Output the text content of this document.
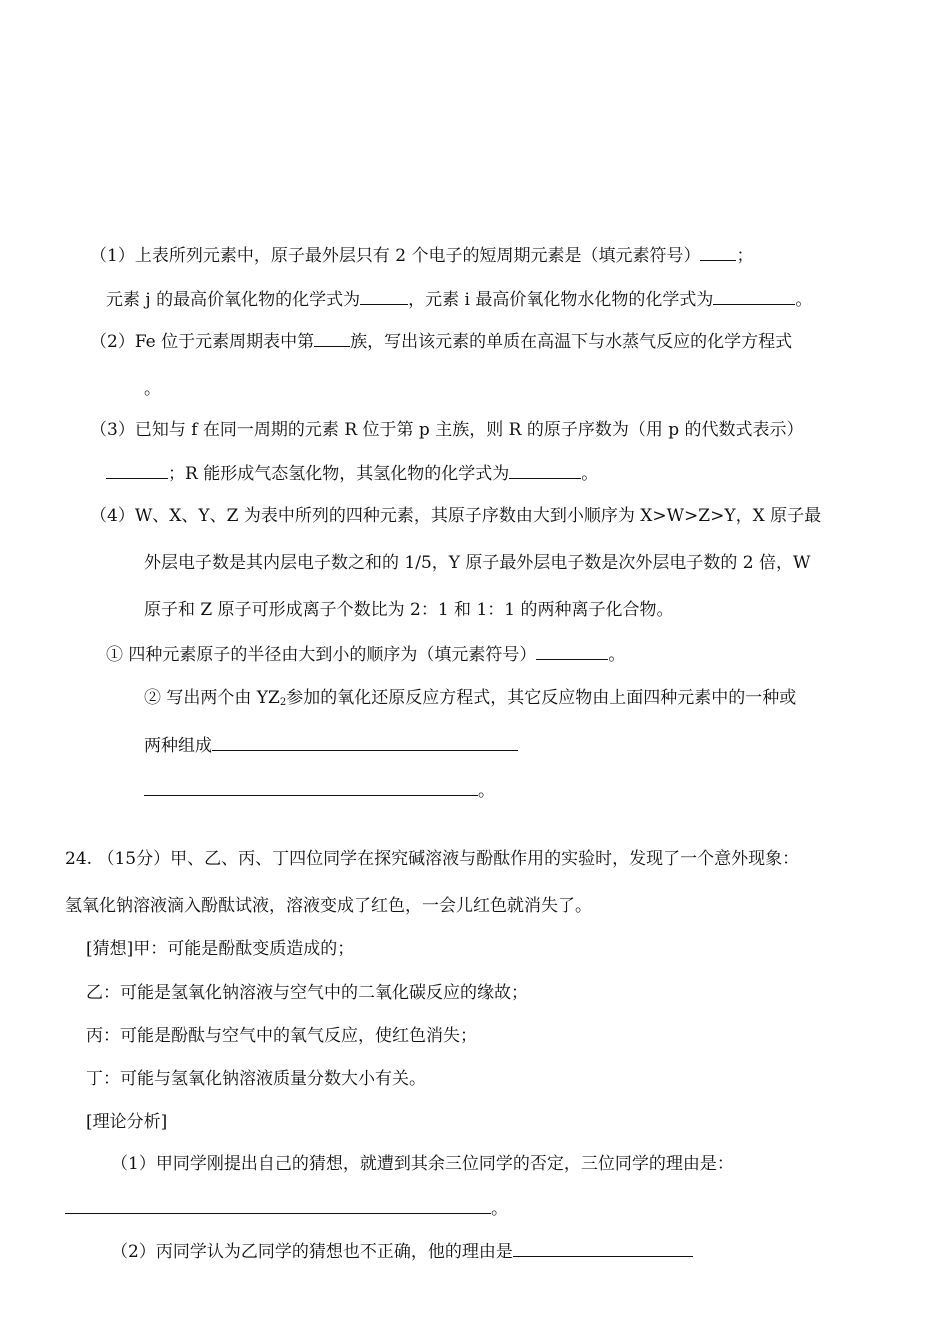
（1）上表所列元素中，原子最外层只有 2 个电子的短周期元素是（填元素符号） ；
元素 j 的最高价氧化物的化学式为	，元素 i 最高价氧化物水化物的化学式为	。
（2）Fe 位于元素周期表中第 族，写出该元素的单质在高温下与水蒸气反应的化学方程式
。
（3）已知与 f 在同一周期的元素 R 位于第 p 主族，则 R 的原子序数为（用 p 的代数式表示）
；R 能形成气态氢化物，其氢化物的化学式为	。
（4）W、X、Y、Z 为表中所列的四种元素，其原子序数由大到小顺序为 X>W>Z>Y，X 原子最
外层电子数是其内层电子数之和的 1/5，Y 原子最外层电子数是次外层电子数的 2 倍，W
原子和 Z 原子可形成离子个数比为 2：1 和 1：1 的两种离子化合物。
① 四种元素原子的半径由大到小的顺序为（填元素符号）	。
② 写出两个由 $YZ_2$参加的氧化还原反应方程式，其它反应物由上面四种元素中的一种或
两种组成
。
24. （15分）甲、乙、丙、丁四位同学在探究碱溶液与酚酞作用的实验时，发现了一个意外现象：
氢氧化钠溶液滴入酚酞试液，溶液变成了红色，一会儿红色就消失了。
[猜想]甲：可能是酚酞变质造成的；
乙：可能是氢氧化钠溶液与空气中的二氧化碳反应的缘故；
丙：可能是酚酞与空气中的氧气反应，使红色消失；
丁：可能与氢氧化钠溶液质量分数大小有关。
[理论分析]
（1）甲同学刚提出自己的猜想，就遭到其余三位同学的否定，三位同学的理由是：
。
（2）丙同学认为乙同学的猜想也不正确，他的理由是
